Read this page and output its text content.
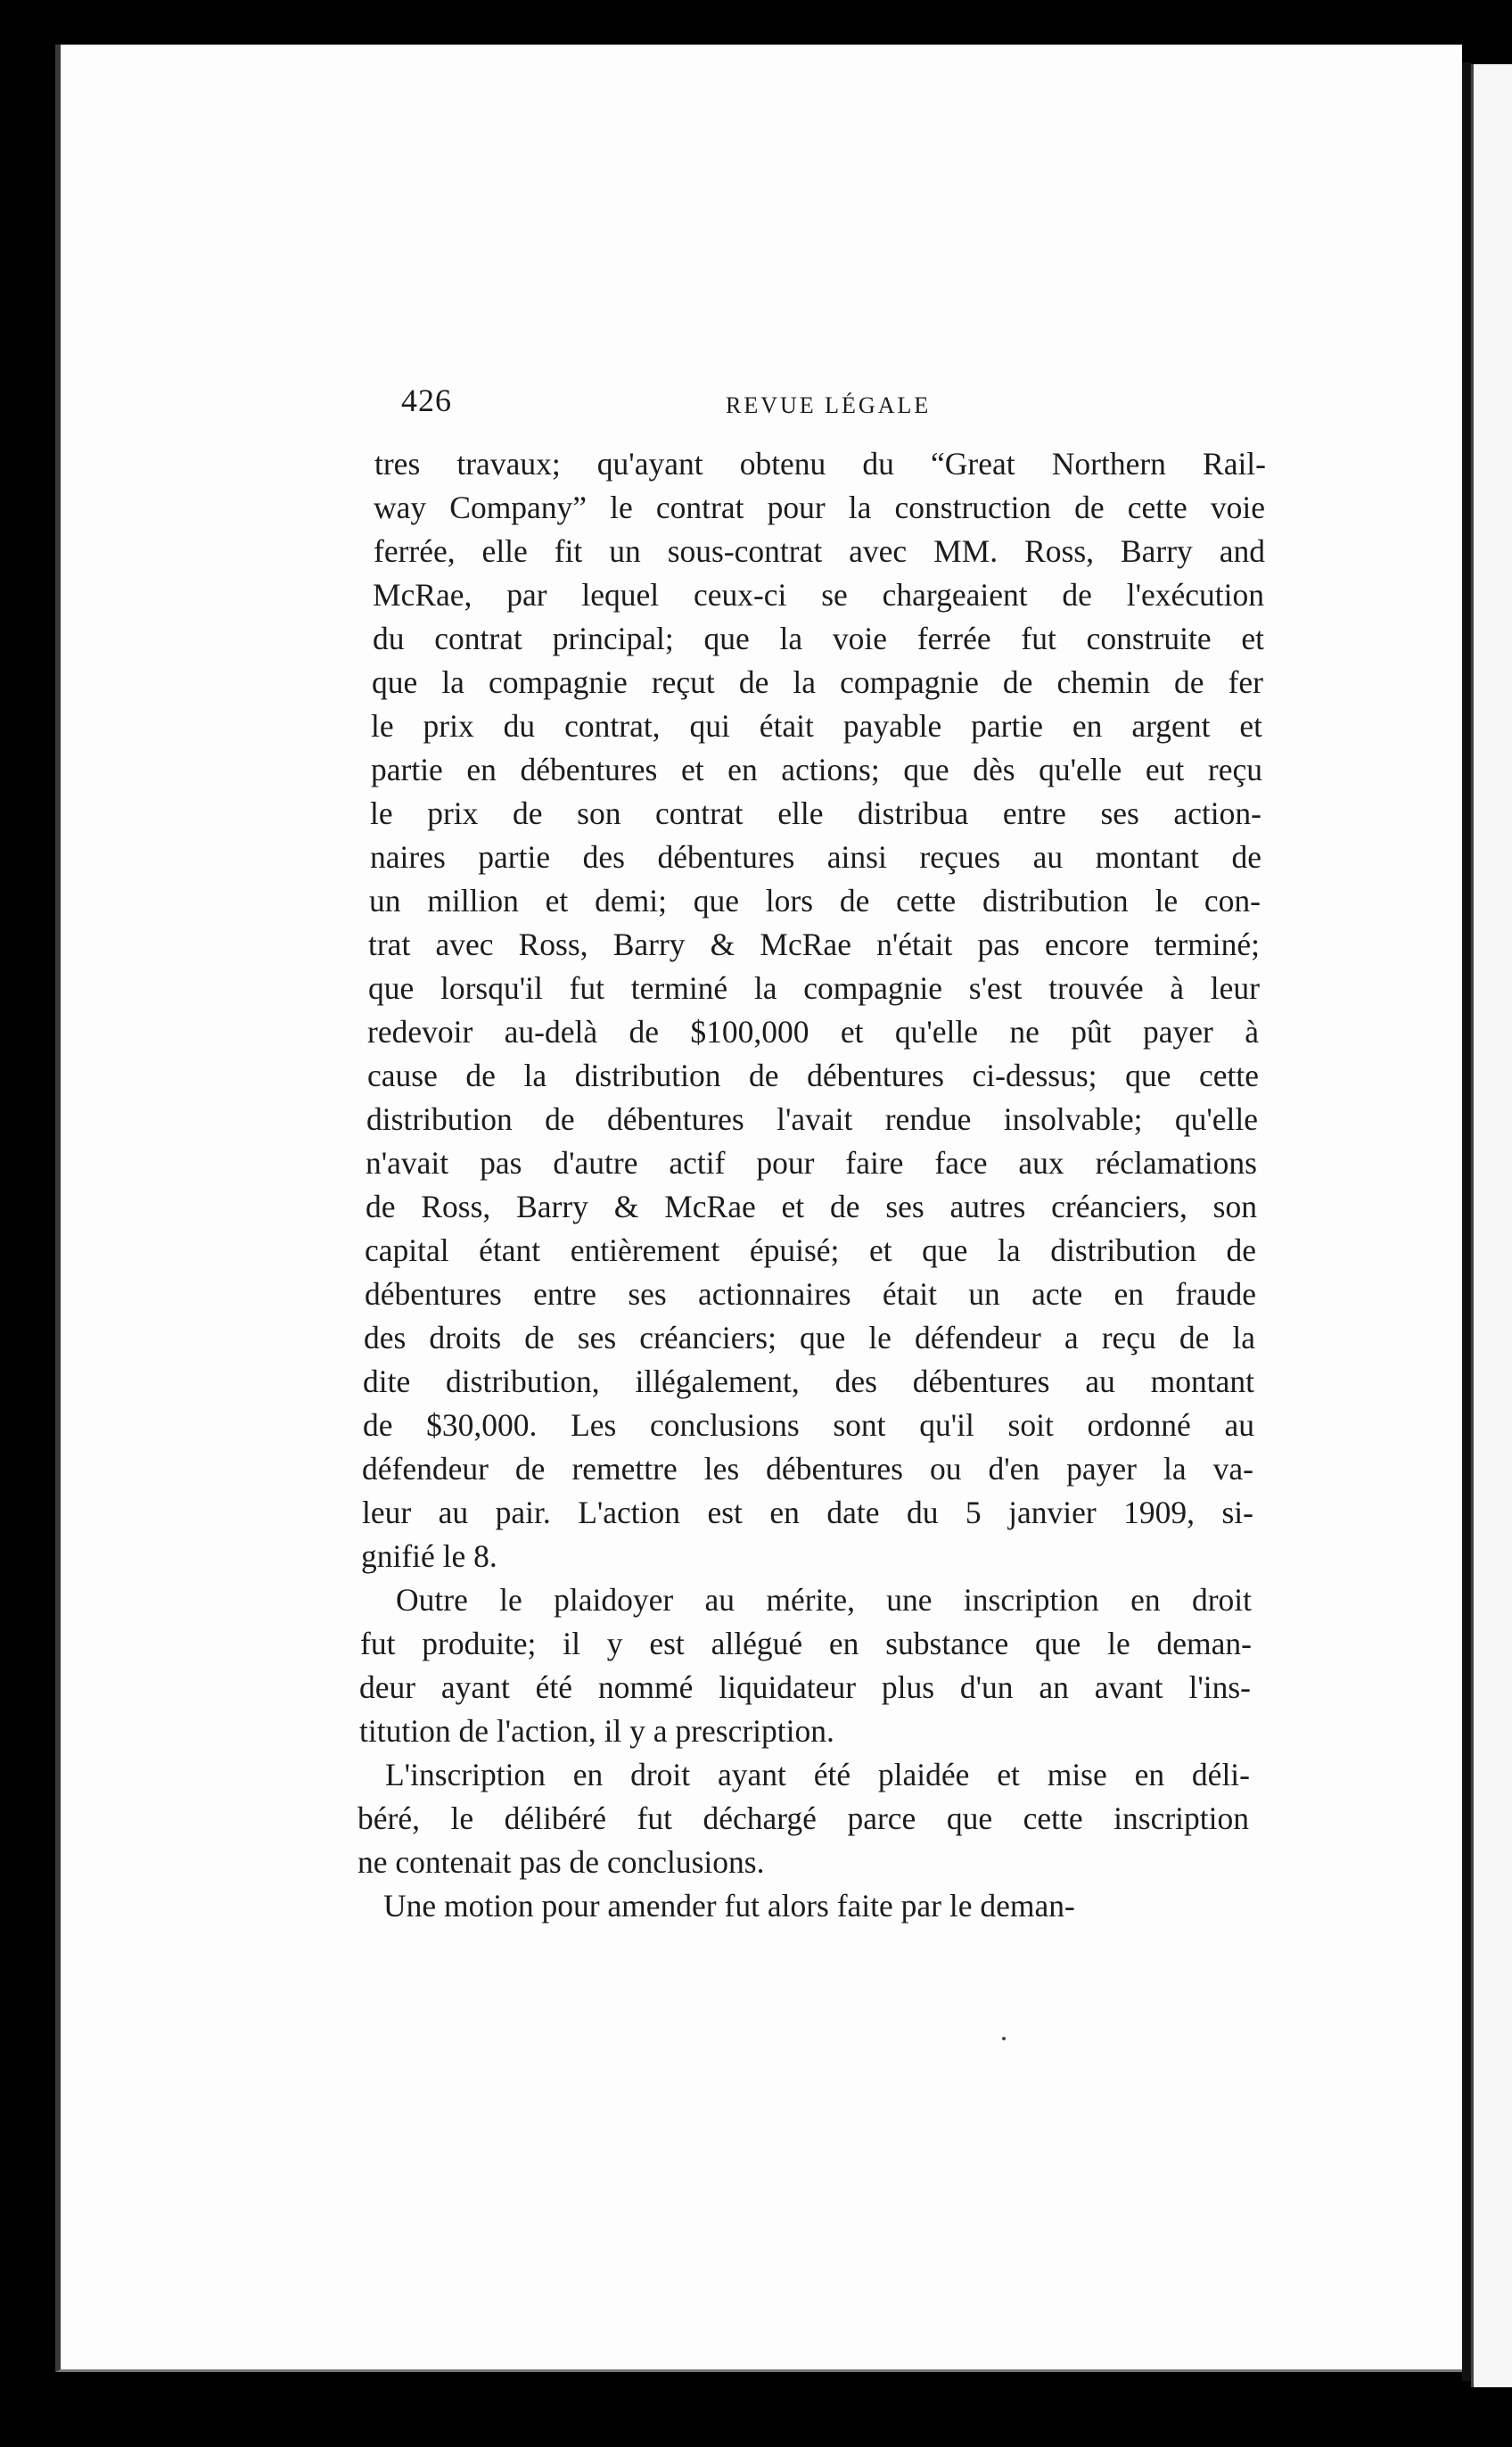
426	REVUE LÉGALE
tres travaux; qu'ayant obtenu du “Great Northern Rail-
way Company” le contrat pour la construction de cette voie
ferrée, elle fit un sous-contrat avec MM. Ross, Barry and
McRae, par lequel ceux-ci se chargeaient de l'exécution
du contrat principal; que la voie ferrée fut construite et
que la compagnie reçut de la compagnie de chemin de fer
le prix du contrat, qui était payable partie en argent et
partie en débentures et en actions; que dès qu'elle eut reçu
le prix de son contrat elle distribua entre ses action-
naires partie des débentures ainsi reçues au montant de
un million et demi; que lors de cette distribution le con-
trat avec Ross, Barry & McRae n'était pas encore terminé;
que lorsqu'il fut terminé la compagnie s'est trouvée à leur
redevoir au-delà de $100,000 et qu'elle ne pût payer à
cause de la distribution de débentures ci-dessus; que cette
distribution de débentures l'avait rendue insolvable; qu'elle
n'avait pas d'autre actif pour faire face aux réclamations
de Ross, Barry & McRae et de ses autres créanciers, son
capital étant entièrement épuisé; et que la distribution de
débentures entre ses actionnaires était un acte en fraude
des droits de ses créanciers; que le défendeur a reçu de la
dite distribution, illégalement, des débentures au montant
de $30,000. Les conclusions sont qu'il soit ordonné au
défendeur de remettre les débentures ou d'en payer la va-
leur au pair. L'action est en date du 5 janvier 1909, si-
gnifié le 8.
Outre le plaidoyer au mérite, une inscription en droit
fut produite; il y est allégué en substance que le deman-
deur ayant été nommé liquidateur plus d'un an avant l'ins-
titution de l'action, il y a prescription.
L'inscription en droit ayant été plaidée et mise en déli-
béré, le délibéré fut déchargé parce que cette inscription
ne contenait pas de conclusions.
Une motion pour amender fut alors faite par le deman-
